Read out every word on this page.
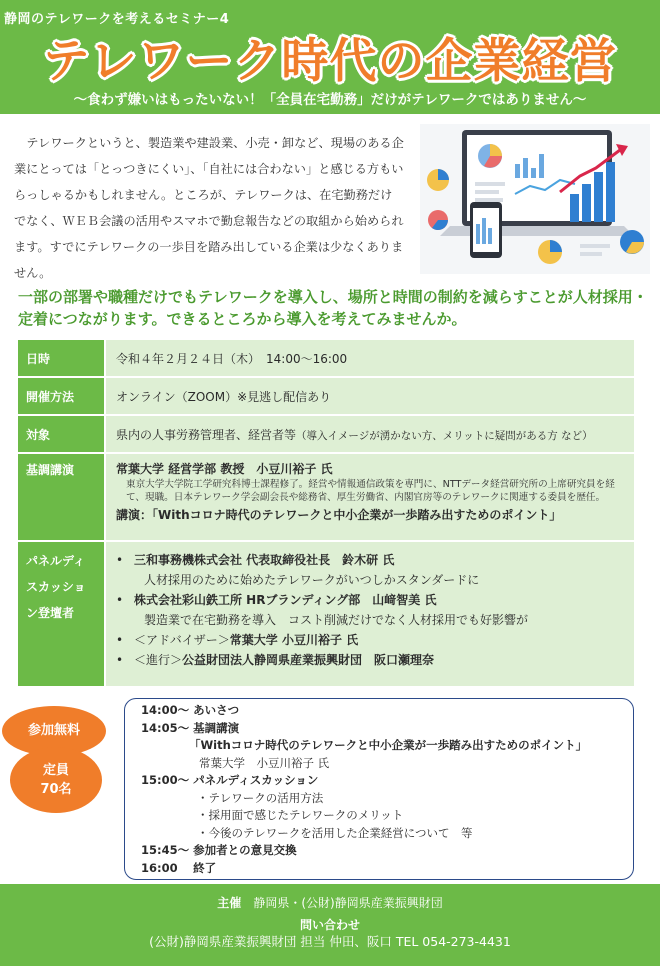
静岡のテレワークを考えるセミナー4
テレワーク時代の企業経営
〜食わず嫌いはもったいない！「全員在宅勤務」だけがテレワークではありません〜

テレワークというと、製造業や建設業、小売・卸など、現場のある企業にとっては「とっつきにくい」、「自社には合わない」と感じる方もいらっしゃるかもしれません。ところが、テレワークは、在宅勤務だけでなく、ＷＥＢ会議の活用やスマホで勤怠報告などの取組から始められます。すでにテレワークの一歩目を踏み出している企業は少なくありません。

一部の部署や職種だけでもテレワークを導入し、場所と時間の制約を減らすことが人材採用・定着につながります。できるところから導入を考えてみませんか。

日時	令和４年２月２４日（木）　14:00〜16:00
開催方法	オンライン（ZOOM）※見逃し配信あり
対象	県内の人事労務管理者、経営者等（導入イメージが湧かない方、メリットに疑問がある方 など）
基調講演	常葉大学 経営学部 教授　小豆川裕子 氏
東京大学大学院工学研究科博士課程修了。経営や情報通信政策を専門に、NTTデータ経営研究所の上席研究員を経て、現職。日本テレワーク学会副会長や総務省、厚生労働省、内閣官房等のテレワークに関連する委員を歴任。
講演：「Withコロナ時代のテレワークと中小企業が一歩踏み出すためのポイント」
パネルディスカッション登壇者
• 三和事務機株式会社 代表取締役社長　鈴木研 氏
人材採用のために始めたテレワークがいつしかスタンダードに
• 株式会社彩山鉄工所 HRブランディング部　山﨑智美 氏
製造業で在宅勤務を導入　コスト削減だけでなく人材採用でも好影響が
• ＜アドバイザー＞常葉大学 小豆川裕子 氏
• ＜進行＞公益財団法人静岡県産業振興財団　阪口瀬理奈
参加無料
定員
70名
14:00〜 あいさつ
14:05〜 基調講演
「Withコロナ時代のテレワークと中小企業が一歩踏み出すためのポイント」
常葉大学　小豆川裕子 氏
15:00〜 パネルディスカッション
・テレワークの活用方法
・採用面で感じたテレワークのメリット
・今後のテレワークを活用した企業経営について　等
15:45〜 参加者との意見交換
16:00　 終了
主催　 静岡県・(公財)静岡県産業振興財団
問い合わせ
(公財)静岡県産業振興財団 担当 仲田、阪口 TEL 054-273-4431
